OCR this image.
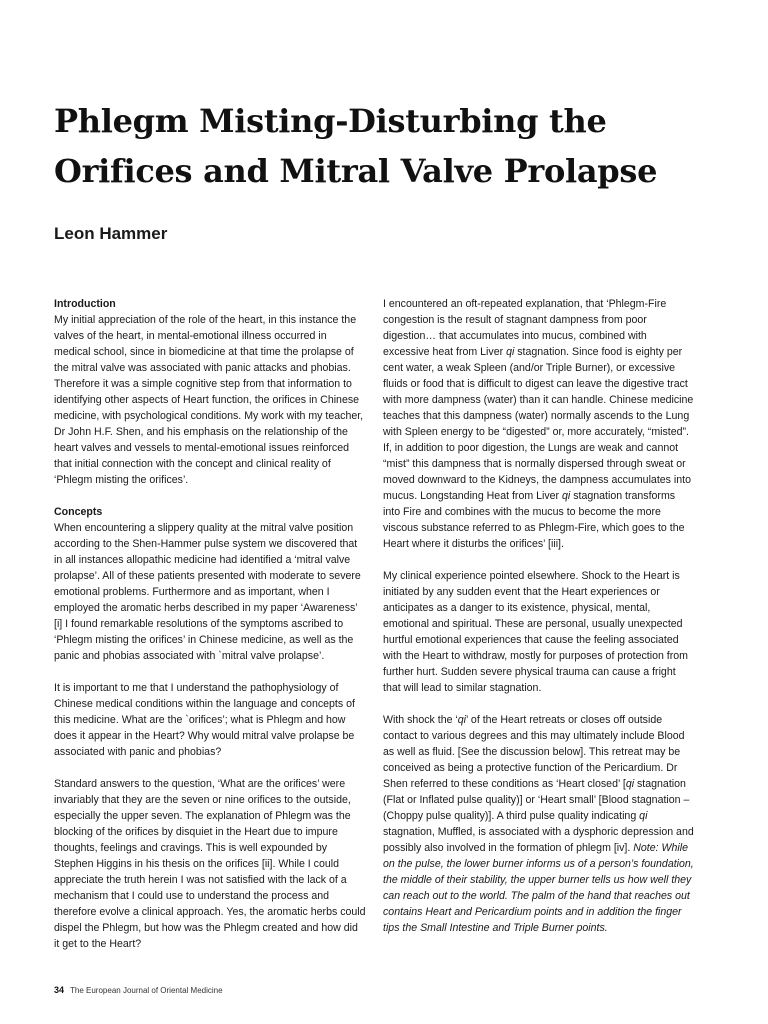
Phlegm Misting-Disturbing the Orifices and Mitral Valve Prolapse
Leon Hammer
Introduction
My initial appreciation of the role of the heart, in this instance the valves of the heart, in mental-emotional illness occurred in medical school, since in biomedicine at that time the prolapse of the mitral valve was associated with panic attacks and phobias. Therefore it was a simple cognitive step from that information to identifying other aspects of Heart function, the orifices in Chinese medicine, with psychological conditions. My work with my teacher, Dr John H.F. Shen, and his emphasis on the relationship of the heart valves and vessels to mental-emotional issues reinforced that initial connection with the concept and clinical reality of ‘Phlegm misting the orifices’.
Concepts
When encountering a slippery quality at the mitral valve position according to the Shen-Hammer pulse system we discovered that in all instances allopathic medicine had identified a ‘mitral valve prolapse’. All of these patients presented with moderate to severe emotional problems. Furthermore and as important, when I employed the aromatic herbs described in my paper ‘Awareness’ [i] I found remarkable resolutions of the symptoms ascribed to ‘Phlegm misting the orifices’ in Chinese medicine, as well as the panic and phobias associated with `mitral valve prolapse’.

It is important to me that I understand the pathophysiology of Chinese medical conditions within the language and concepts of this medicine. What are the `orifices’; what is Phlegm and how does it appear in the Heart? Why would mitral valve prolapse be associated with panic and phobias?

Standard answers to the question, ‘What are the orifices’ were invariably that they are the seven or nine orifices to the outside, especially the upper seven. The explanation of Phlegm was the blocking of the orifices by disquiet in the Heart due to impure thoughts, feelings and cravings. This is well expounded by Stephen Higgins in his thesis on the orifices [ii]. While I could appreciate the truth herein I was not satisfied with the lack of a mechanism that I could use to understand the process and therefore evolve a clinical approach. Yes, the aromatic herbs could dispel the Phlegm, but how was the Phlegm created and how did it get to the Heart?

I encountered an oft-repeated explanation, that ‘Phlegm-Fire congestion is the result of stagnant dampness from poor digestion… that accumulates into mucus, combined with excessive heat from Liver qi stagnation. Since food is eighty per cent water, a weak Spleen (and/or Triple Burner), or excessive fluids or food that is difficult to digest can leave the digestive tract with more dampness (water) than it can handle. Chinese medicine teaches that this dampness (water) normally ascends to the Lung with Spleen energy to be “digested” or, more accurately, “misted”. If, in addition to poor digestion, the Lungs are weak and cannot “mist” this dampness that is normally dispersed through sweat or moved downward to the Kidneys, the dampness accumulates into mucus. Longstanding Heat from Liver qi stagnation transforms into Fire and combines with the mucus to become the more viscous substance referred to as Phlegm-Fire, which goes to the Heart where it disturbs the orifices’ [iii].

My clinical experience pointed elsewhere. Shock to the Heart is initiated by any sudden event that the Heart experiences or anticipates as a danger to its existence, physical, mental, emotional and spiritual. These are personal, usually unexpected hurtful emotional experiences that cause the feeling associated with the Heart to withdraw, mostly for purposes of protection from further hurt. Sudden severe physical trauma can cause a fright that will lead to similar stagnation.

With shock the ‘qi’ of the Heart retreats or closes off outside contact to various degrees and this may ultimately include Blood as well as fluid. [See the discussion below]. This retreat may be conceived as being a protective function of the Pericardium. Dr Shen referred to these conditions as ‘Heart closed’ [qi stagnation (Flat or Inflated pulse quality)] or ‘Heart small’ [Blood stagnation – (Choppy pulse quality)]. A third pulse quality indicating qi stagnation, Muffled, is associated with a dysphoric depression and possibly also involved in the formation of phlegm [iv]. Note: While on the pulse, the lower burner informs us of a person’s foundation, the middle of their stability, the upper burner tells us how well they can reach out to the world. The palm of the hand that reaches out contains Heart and Pericardium points and in addition the finger tips the Small Intestine and Triple Burner points.

34 The European Journal of Oriental Medicine
